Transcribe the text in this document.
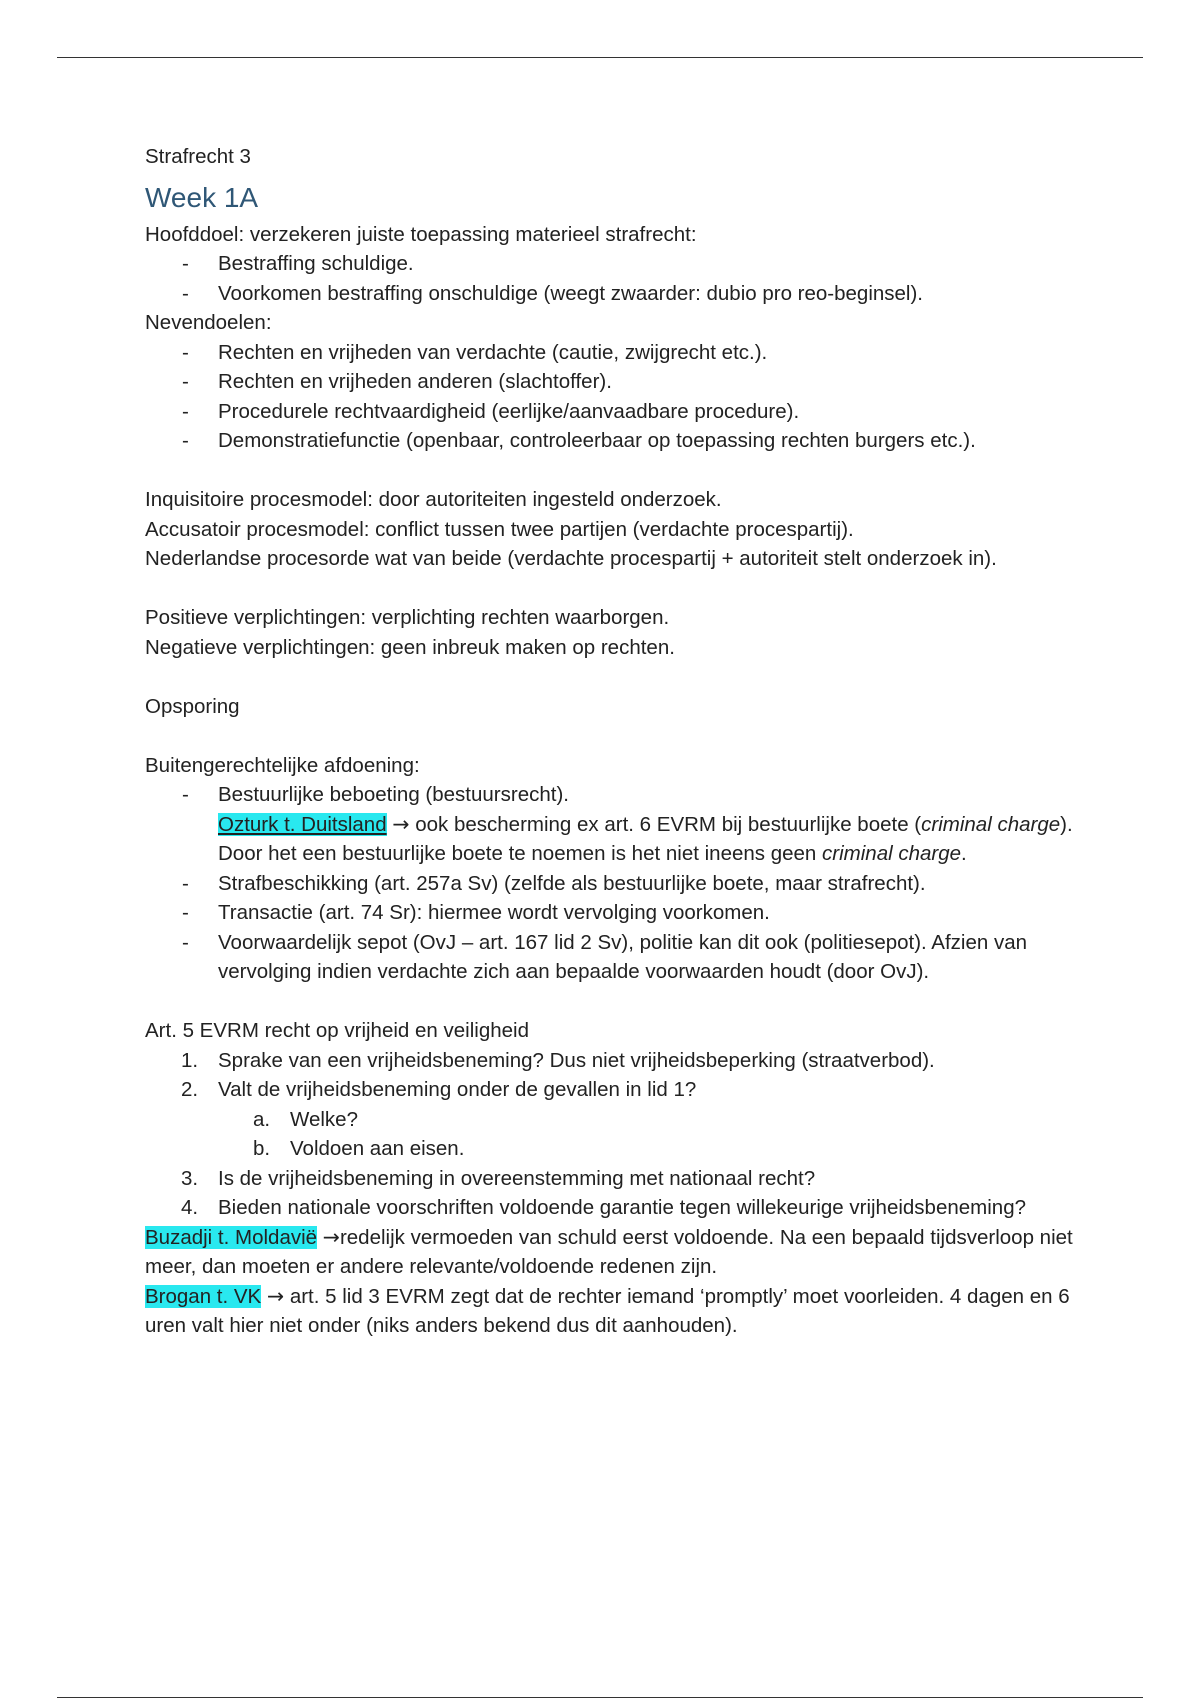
Strafrecht 3

Week 1A

Hoofddoel: verzekeren juiste toepassing materieel strafrecht:

- Bestraffing schuldige.
- Voorkomen bestraffing onschuldige (weegt zwaarder: dubio pro reo-beginsel).

Nevendoelen:

- Rechten en vrijheden van verdachte (cautie, zwijgrecht etc.).
- Rechten en vrijheden anderen (slachtoffer).
- Procedurele rechtvaardigheid (eerlijke/aanvaadbare procedure).
- Demonstratiefunctie (openbaar, controleerbaar op toepassing rechten burgers etc.).

Inquisitoire procesmodel: door autoriteiten ingesteld onderzoek.

Accusatoir procesmodel: conflict tussen twee partijen (verdachte procespartij).

Nederlandse procesorde wat van beide (verdachte procespartij + autoriteit stelt onderzoek in).

Positieve verplichtingen: verplichting rechten waarborgen.

Negatieve verplichtingen: geen inbreuk maken op rechten.

Opsporing

Buitengerechtelijke afdoening:

- Bestuurlijke beboeting (bestuursrecht).
Ozturk t. Duitsland → ook bescherming ex art. 6 EVRM bij bestuurlijke boete (criminal charge). Door het een bestuurlijke boete te noemen is het niet ineens geen criminal charge.
- Strafbeschikking (art. 257a Sv) (zelfde als bestuurlijke boete, maar strafrecht).
- Transactie (art. 74 Sr): hiermee wordt vervolging voorkomen.
- Voorwaardelijk sepot (OvJ – art. 167 lid 2 Sv), politie kan dit ook (politiesepot). Afzien van vervolging indien verdachte zich aan bepaalde voorwaarden houdt (door OvJ).

Art. 5 EVRM recht op vrijheid en veiligheid

1. Sprake van een vrijheidsbeneming? Dus niet vrijheidsbeperking (straatverbod).
2. Valt de vrijheidsbeneming onder de gevallen in lid 1?
a. Welke?
b. Voldoen aan eisen.
3. Is de vrijheidsbeneming in overeenstemming met nationaal recht?
4. Bieden nationale voorschriften voldoende garantie tegen willekeurige vrijheidsbeneming?

Buzadji t. Moldavië →redelijk vermoeden van schuld eerst voldoende. Na een bepaald tijdsverloop niet meer, dan moeten er andere relevante/voldoende redenen zijn.

Brogan t. VK → art. 5 lid 3 EVRM zegt dat de rechter iemand ‘promptly’ moet voorleiden. 4 dagen en 6 uren valt hier niet onder (niks anders bekend dus dit aanhouden).
